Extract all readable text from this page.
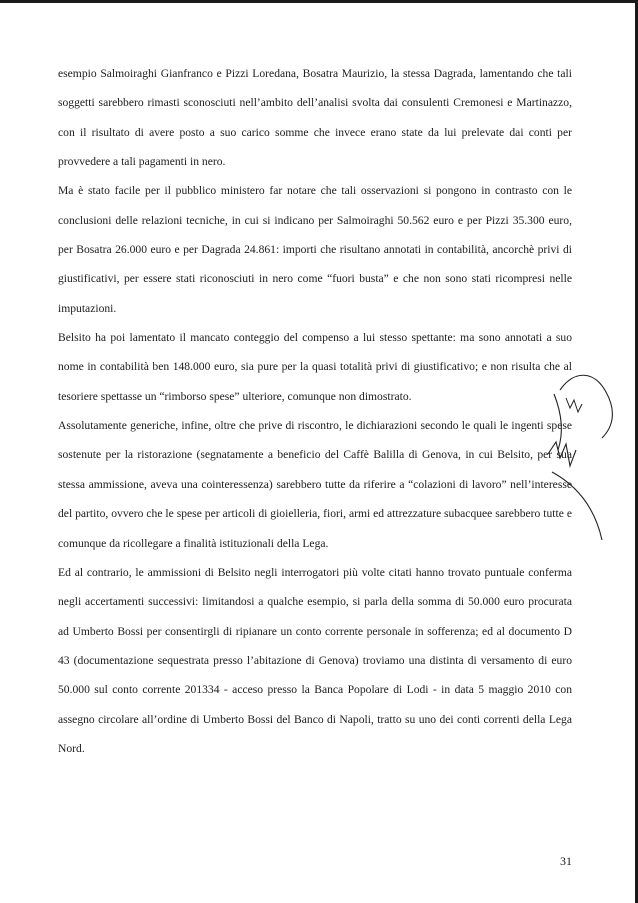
esempio Salmoiraghi Gianfranco e Pizzi Loredana, Bosatra Maurizio, la stessa Dagrada, lamentando che tali soggetti sarebbero rimasti sconosciuti nell’ambito dell’analisi svolta dai consulenti Cremonesi e Martinazzo, con il risultato di avere posto a suo carico somme che invece erano state da lui prelevate dai conti per provvedere a tali pagamenti in nero.

Ma è stato facile per il pubblico ministero far notare che tali osservazioni si pongono in contrasto con le conclusioni delle relazioni tecniche, in cui si indicano per Salmoiraghi 50.562 euro e per Pizzi 35.300 euro, per Bosatra 26.000 euro e per Dagrada 24.861: importi che risultano annotati in contabilità, ancorchè privi di giustificativi, per essere stati riconosciuti in nero come “fuori busta” e che non sono stati ricompresi nelle imputazioni.

Belsito ha poi lamentato il mancato conteggio del compenso a lui stesso spettante: ma sono annotati a suo nome in contabilità ben 148.000 euro, sia pure per la quasi totalità privi di giustificativo; e non risulta che al tesoriere spettasse un “rimborso spese” ulteriore, comunque non dimostrato.

Assolutamente generiche, infine, oltre che prive di riscontro, le dichiarazioni secondo le quali le ingenti spese sostenute per la ristorazione (segnatamente a beneficio del Caffè Balilla di Genova, in cui Belsito, per sua stessa ammissione, aveva una cointeressenza) sarebbero tutte da riferire a “colazioni di lavoro” nell’interesse del partito, ovvero che le spese per articoli di gioielleria, fiori, armi ed attrezzature subacquee sarebbero tutte e comunque da ricollegare a finalità istituzionali della Lega.

Ed al contrario, le ammissioni di Belsito negli interrogatori più volte citati hanno trovato puntuale conferma negli accertamenti successivi: limitandosi a qualche esempio, si parla della somma di 50.000 euro procurata ad Umberto Bossi per consentirgli di ripianare un conto corrente personale in sofferenza; ed al documento D 43 (documentazione sequestrata presso l’abitazione di Genova) troviamo una distinta di versamento di euro 50.000 sul conto corrente 201334 - acceso presso la Banca Popolare di Lodi - in data 5 maggio 2010 con assegno circolare all’ordine di Umberto Bossi del Banco di Napoli, tratto su uno dei conti correnti della Lega Nord.

31
